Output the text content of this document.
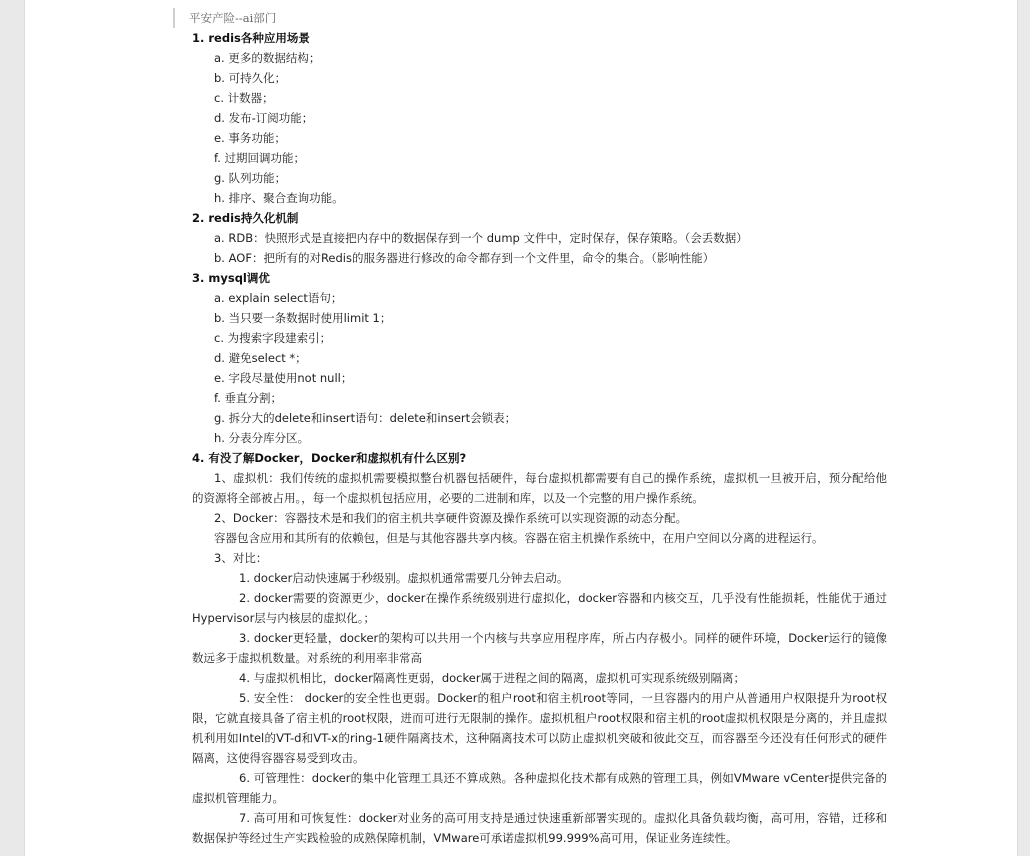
平安产险--ai部门
1. redis各种应用场景
a. 更多的数据结构；
b. 可持久化；
c. 计数器；
d. 发布-订阅功能；
e. 事务功能；
f. 过期回调功能；
g. 队列功能；
h. 排序、聚合查询功能。
2. redis持久化机制
a. RDB：快照形式是直接把内存中的数据保存到一个 dump 文件中，定时保存，保存策略。（会丢数据）
b. AOF：把所有的对Redis的服务器进行修改的命令都存到一个文件里，命令的集合。（影响性能）
3. mysql调优
a. explain select语句；
b. 当只要一条数据时使用limit 1；
c. 为搜索字段建索引；
d. 避免select *；
e. 字段尽量使用not null；
f. 垂直分割；
g. 拆分大的delete和insert语句：delete和insert会锁表；
h. 分表分库分区。
4. 有没了解Docker，Docker和虚拟机有什么区别?
1、虚拟机：我们传统的虚拟机需要模拟整台机器包括硬件，每台虚拟机都需要有自己的操作系统，虚拟机一旦被开启，预分配给他的资源将全部被占用。，每一个虚拟机包括应用，必要的二进制和库，以及一个完整的用户操作系统。
2、Docker：容器技术是和我们的宿主机共享硬件资源及操作系统可以实现资源的动态分配。
容器包含应用和其所有的依赖包，但是与其他容器共享内核。容器在宿主机操作系统中，在用户空间以分离的进程运行。
3、对比：
1. docker启动快速属于秒级别。虚拟机通常需要几分钟去启动。
2. docker需要的资源更少，docker在操作系统级别进行虚拟化，docker容器和内核交互，几乎没有性能损耗，性能优于通过Hypervisor层与内核层的虚拟化。；
3. docker更轻量，docker的架构可以共用一个内核与共享应用程序库，所占内存极小。同样的硬件环境，Docker运行的镜像数远多于虚拟机数量。对系统的利用率非常高
4. 与虚拟机相比，docker隔离性更弱，docker属于进程之间的隔离，虚拟机可实现系统级别隔离；
5. 安全性： docker的安全性也更弱。Docker的租户root和宿主机root等同，一旦容器内的用户从普通用户权限提升为root权限，它就直接具备了宿主机的root权限，进而可进行无限制的操作。虚拟机租户root权限和宿主机的root虚拟机权限是分离的，并且虚拟机利用如Intel的VT-d和VT-x的ring-1硬件隔离技术，这种隔离技术可以防止虚拟机突破和彼此交互，而容器至今还没有任何形式的硬件隔离，这使得容器容易受到攻击。
6. 可管理性：docker的集中化管理工具还不算成熟。各种虚拟化技术都有成熟的管理工具，例如VMware vCenter提供完备的虚拟机管理能力。
7. 高可用和可恢复性：docker对业务的高可用支持是通过快速重新部署实现的。虚拟化具备负载均衡，高可用，容错，迁移和数据保护等经过生产实践检验的成熟保障机制，VMware可承诺虚拟机99.999%高可用，保证业务连续性。
